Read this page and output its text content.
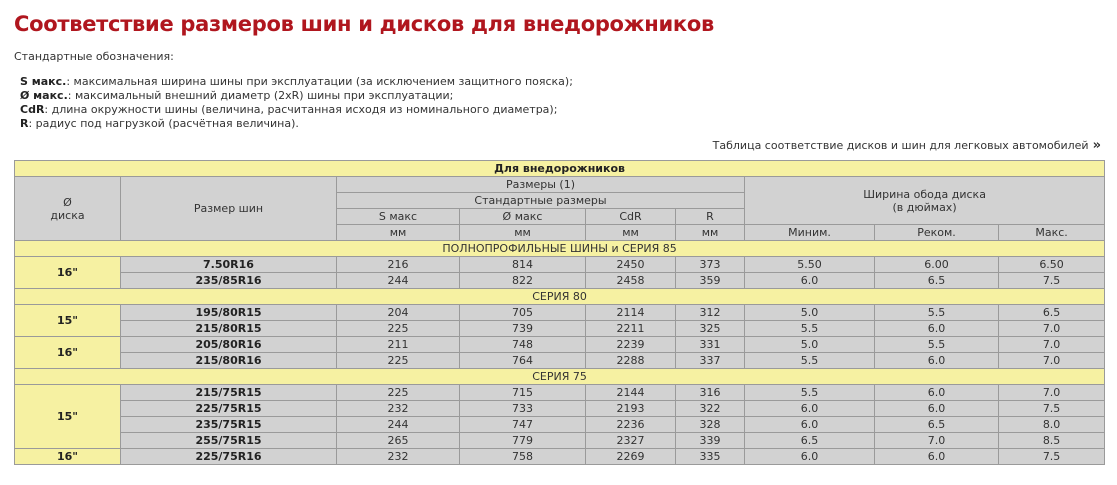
Соответствие размеров шин и дисков для внедорожников
Стандартные обозначения:
S макс.: максимальная ширина шины при эксплуатации (за исключением защитного пояска);
Ø макс.: максимальный внешний диаметр (2xR) шины при эксплуатации;
CdR: длина окружности шины (величина, расчитанная исходя из номинального диаметра);
R: радиус под нагрузкой (расчётная величина).
Таблица соответствие дисков и шин для легковых автомобилей »
Для внедорожников								
Ø
диска	Размер шин	Размеры (1)				Ширина обода диска
(в дюймах)		
		Стандартные размеры						
		S макс	Ø макс	CdR	R			
		мм	мм	мм	мм	Миним.	Реком.	Макс.
ПОЛНОПРОФИЛЬНЫЕ ШИНЫ и СЕРИЯ 85								
16"	7.50R16	216	814	2450	373	5.50	6.00	6.50
	235/85R16	244	822	2458	359	6.0	6.5	7.5
СЕРИЯ 80								
15"	195/80R15	204	705	2114	312	5.0	5.5	6.5
	215/80R15	225	739	2211	325	5.5	6.0	7.0
16"	205/80R16	211	748	2239	331	5.0	5.5	7.0
	215/80R16	225	764	2288	337	5.5	6.0	7.0
СЕРИЯ 75								
15"	215/75R15	225	715	2144	316	5.5	6.0	7.0
	225/75R15	232	733	2193	322	6.0	6.0	7.5
	235/75R15	244	747	2236	328	6.0	6.5	8.0
	255/75R15	265	779	2327	339	6.5	7.0	8.5
16"	225/75R16	232	758	2269	335	6.0	6.0	7.5
